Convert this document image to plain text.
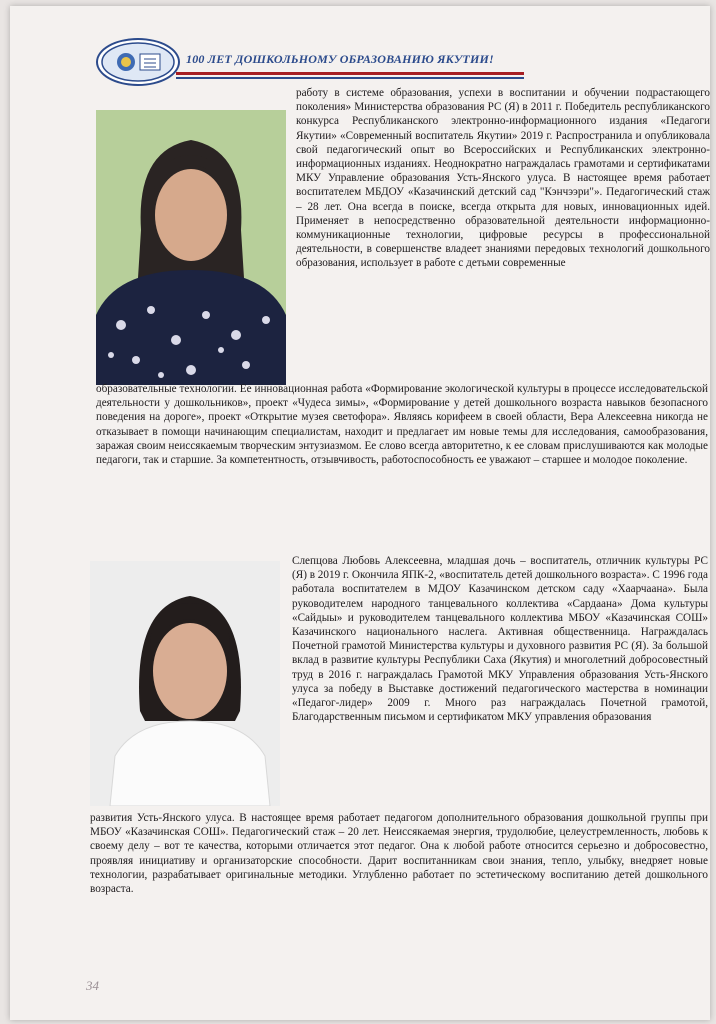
100 ЛЕТ ДОШКОЛЬНОМУ ОБРАЗОВАНИЮ ЯКУТИИ!
работу в системе образования, успехи в воспитании и обучении подрастающего поколения» Министерства образования РС (Я) в 2011 г. Победитель республиканского конкурса Республиканского электронно-информационного издания «Педагоги Якутии» «Современный воспитатель Якутии» 2019 г. Распространила и опубликовала свой педагогический опыт во Всероссийских и Республиканских электронно-информационных изданиях. Неоднократно награждалась грамотами и сертификатами МКУ Управление образования Усть-Янского улуса. В настоящее время работает воспитателем МБДОУ «Казачинский детский сад "Кэнчээри"». Педагогический стаж – 28 лет. Она всегда в поиске, всегда открыта для новых, инновационных идей. Применяет в непосредственно образовательной деятельности информационно-коммуникационные технологии, цифровые ресурсы в профессиональной деятельности, в совершенстве владеет знаниями передовых технологий дошкольного образования, использует в работе с детьми современные
образовательные технологии. Ее инновационная работа «Формирование экологической культуры в процессе исследовательской деятельности у дошкольников», проект «Чудеса зимы», «Формирование у детей дошкольного возраста навыков безопасного поведения на дороге», проект «Открытие музея светофора». Являясь корифеем в своей области, Вера Алексеевна никогда не отказывает в помощи начинающим специалистам, находит и предлагает им новые темы для исследования, самообразования, заражая своим неиссякаемым творческим энтузиазмом. Ее слово всегда авторитетно, к ее словам прислушиваются как молодые педагоги, так и старшие. За компетентность, отзывчивость, работоспособность ее уважают – старшее и молодое поколение.
Слепцова Любовь Алексеевна, младшая дочь – воспитатель, отличник культуры РС (Я) в 2019 г. Окончила ЯПК-2, «воспитатель детей дошкольного возраста». С 1996 года работала воспитателем в МДОУ Казачинском детском саду «Хаарчаана». Была руководителем народного танцевального коллектива «Сардаана» Дома культуры «Сайдыы» и руководителем танцевального коллектива МБОУ «Казачинская СОШ» Казачинского национального наслега. Активная общественница. Награждалась Почетной грамотой Министерства культуры и духовного развития РС (Я). За большой вклад в развитие культуры Республики Саха (Якутия) и многолетний добросовестный труд в 2016 г. награждалась Грамотой МКУ Управления образования Усть-Янского улуса за победу в Выставке достижений педагогического мастерства в номинации «Педагог-лидер» 2009 г. Много раз награждалась Почетной грамотой, Благодарственным письмом и сертификатом МКУ управления образования
развития Усть-Янского улуса. В настоящее время работает педагогом дополнительного образования дошкольной группы при МБОУ «Казачинская СОШ». Педагогический стаж – 20 лет. Неиссякаемая энергия, трудолюбие, целеустремленность, любовь к своему делу – вот те качества, которыми отличается этот педагог. Она к любой работе относится серьезно и добросовестно, проявляя инициативу и организаторские способности. Дарит воспитанникам свои знания, тепло, улыбку, внедряет новые технологии, разрабатывает оригинальные методики. Углубленно работает по эстетическому воспитанию детей дошкольного возраста.
34
